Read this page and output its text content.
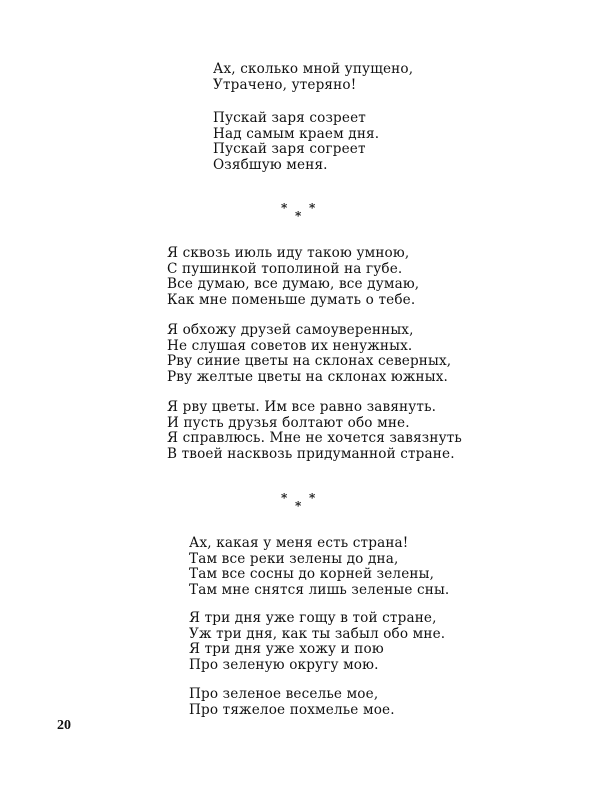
Ах, сколько мной упущено,
Утрачено, утеряно!
Пускай заря созреет
Над самым краем дня.
Пускай заря согреет
Озябшую меня.
*
*
*
Я сквозь июль иду такою умною,
С пушинкой тополиной на губе.
Все думаю, все думаю, все думаю,
Как мне поменьше думать о тебе.
Я обхожу друзей самоуверенных,
Не слушая советов их ненужных.
Рву синие цветы на склонах северных,
Рву желтые цветы на склонах южных.
Я рву цветы. Им все равно завянуть.
И пусть друзья болтают обо мне.
Я справлюсь. Мне не хочется завязнуть
В твоей насквозь придуманной стране.
*
*
*
Ах, какая у меня есть страна!
Там все реки зелены до дна,
Там все сосны до корней зелены,
Там мне снятся лишь зеленые сны.
Я три дня уже гощу в той стране,
Уж три дня, как ты забыл обо мне.
Я три дня уже хожу и пою
Про зеленую округу мою.
Про зеленое веселье мое,
Про тяжелое похмелье мое.
20
